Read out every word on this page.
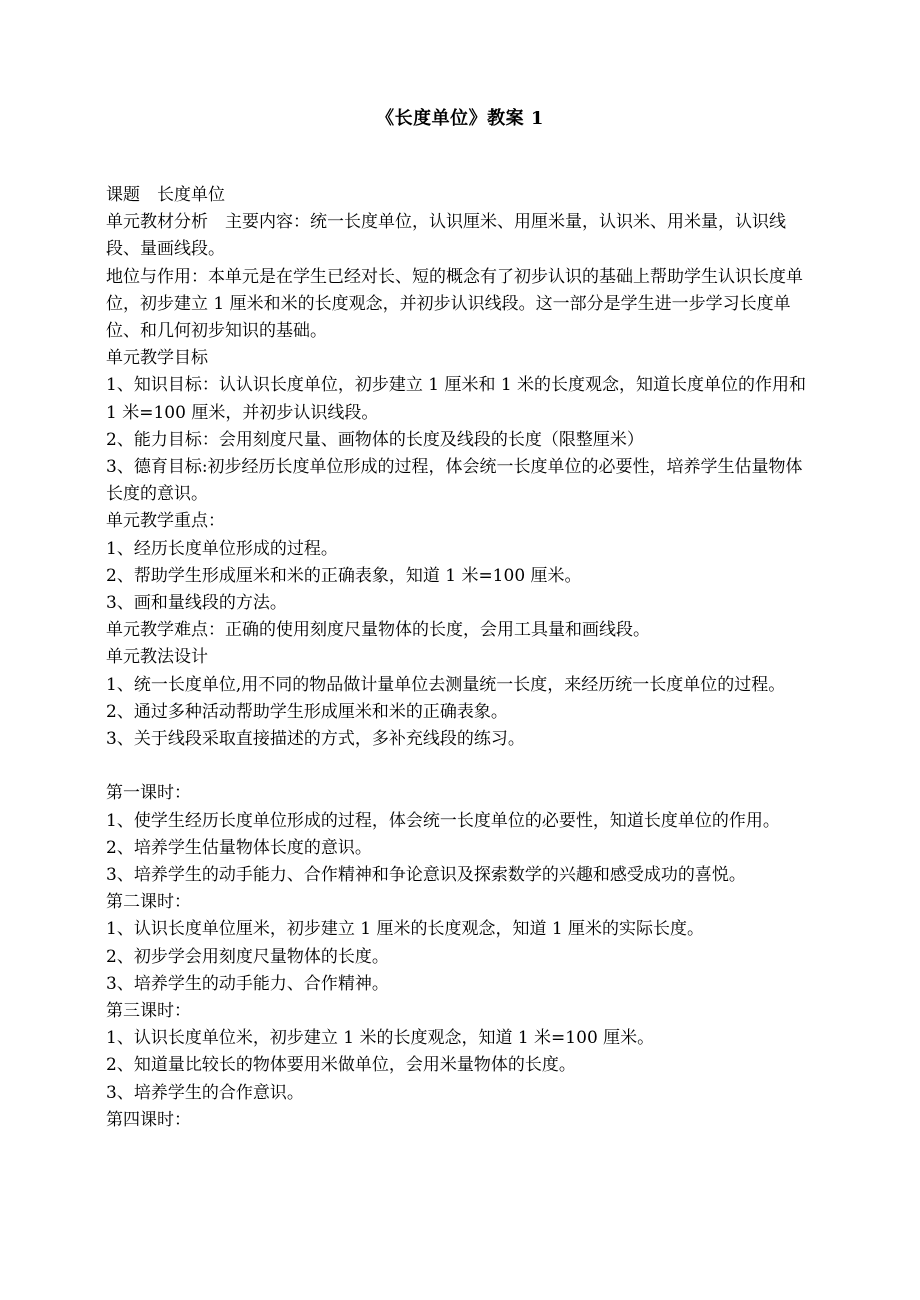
《长度单位》教案 1

课题　长度单位

单元教材分析　主要内容：统一长度单位，认识厘米、用厘米量，认识米、用米量，认识线段、量画线段。

地位与作用：本单元是在学生已经对长、短的概念有了初步认识的基础上帮助学生认识长度单位，初步建立 1 厘米和米的长度观念，并初步认识线段。这一部分是学生进一步学习长度单位、和几何初步知识的基础。

单元教学目标

1、知识目标：认认识长度单位，初步建立 1 厘米和 1 米的长度观念，知道长度单位的作用和 1 米=100 厘米，并初步认识线段。

2、能力目标：会用刻度尺量、画物体的长度及线段的长度（限整厘米）

3、德育目标:初步经历长度单位形成的过程，体会统一长度单位的必要性，培养学生估量物体长度的意识。

单元教学重点：

1、经历长度单位形成的过程。

2、帮助学生形成厘米和米的正确表象，知道 1 米=100 厘米。

3、画和量线段的方法。

单元教学难点：正确的使用刻度尺量物体的长度，会用工具量和画线段。

单元教法设计

1、统一长度单位,用不同的物品做计量单位去测量统一长度，来经历统一长度单位的过程。

2、通过多种活动帮助学生形成厘米和米的正确表象。

3、关于线段采取直接描述的方式，多补充线段的练习。

第一课时：

1、使学生经历长度单位形成的过程，体会统一长度单位的必要性，知道长度单位的作用。

2、培养学生估量物体长度的意识。

3、培养学生的动手能力、合作精神和争论意识及探索数学的兴趣和感受成功的喜悦。

第二课时：

1、认识长度单位厘米，初步建立 1 厘米的长度观念，知道 1 厘米的实际长度。

2、初步学会用刻度尺量物体的长度。

3、培养学生的动手能力、合作精神。

第三课时：

1、认识长度单位米，初步建立 1 米的长度观念，知道 1 米=100 厘米。

2、知道量比较长的物体要用米做单位，会用米量物体的长度。

3、培养学生的合作意识。

第四课时：
